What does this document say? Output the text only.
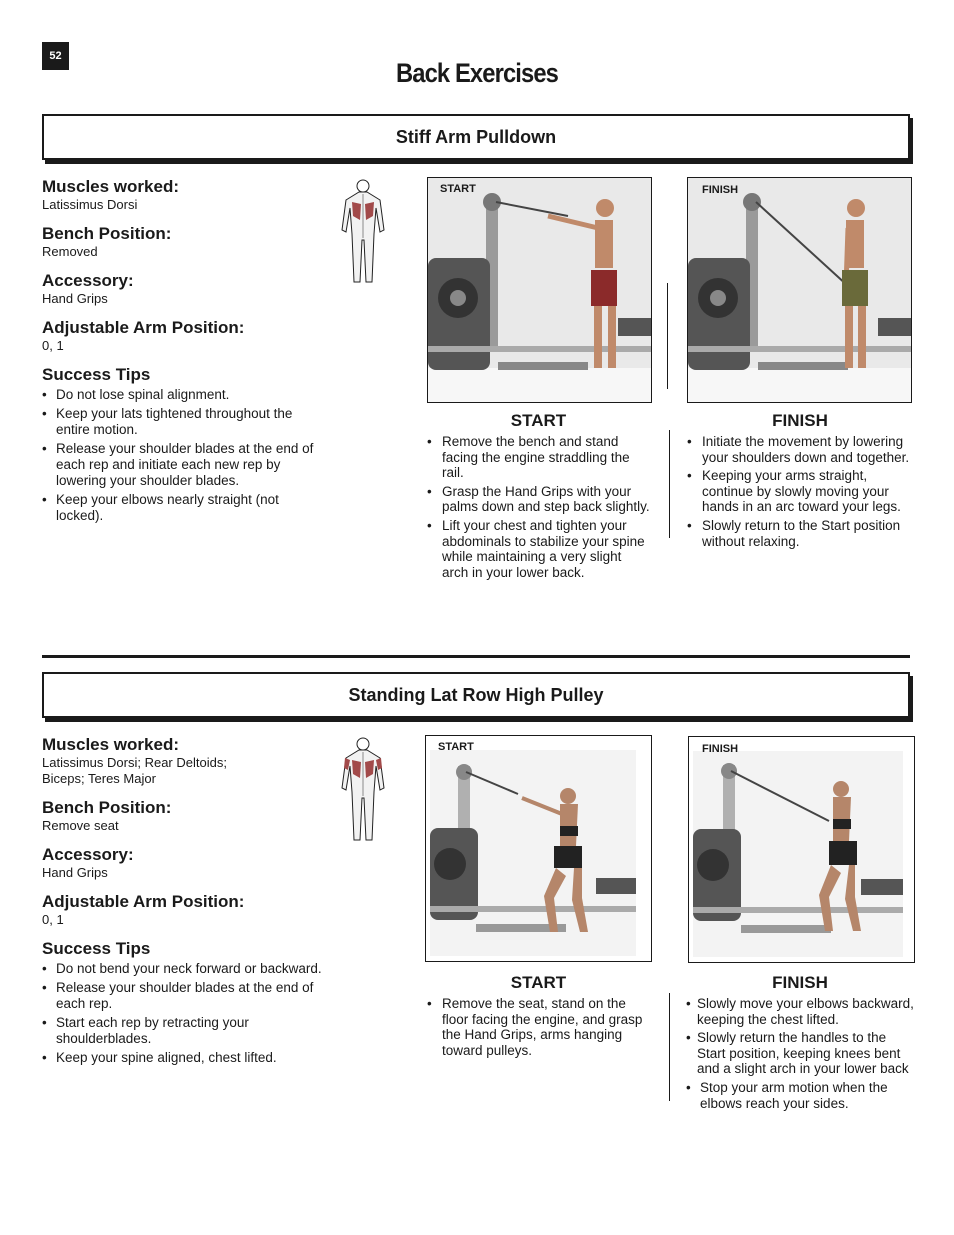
52
Back Exercises
Stiff Arm Pulldown

Muscles worked:

Latissimus Dorsi

Bench Position:

Removed

Accessory:

Hand Grips

Adjustable Arm Position:

0, 1

Success Tips

• Do not lose spinal alignment.
• Keep your lats tightened throughout the entire motion.
• Release your shoulder blades at the end of each rep and initiate each new rep by lowering your shoulder blades.
• Keep your elbows nearly straight (not locked).
START
START
• Remove the bench and stand facing the engine straddling the rail.
• Grasp the Hand Grips with your palms down and step back slightly.
• Lift your chest and tighten your abdominals to stabilize your spine while maintaining a very slight arch in your lower back.
FINISH
FINISH
• Initiate the movement by lowering your shoulders down and together.
• Keeping your arms straight, continue by slowly moving your hands in an arc toward your legs.
• Slowly return to the Start position without relaxing.
Standing Lat Row High Pulley

Muscles worked:

Latissimus Dorsi; Rear Deltoids;
Biceps; Teres Major

Bench Position:

Remove seat

Accessory:

Hand Grips

Adjustable Arm Position:

0, 1

Success Tips

• Do not bend your neck forward or backward.
• Release your shoulder blades at the end of each rep.
• Start each rep by retracting your shoulderblades.
• Keep your spine aligned, chest lifted.
START
START
• Remove the seat, stand on the floor facing the engine, and grasp the Hand Grips, arms hanging toward pulleys.
FINISH
FINISH
• Slowly move your elbows backward, keeping the chest lifted.
• Slowly return the handles to the Start position, keeping knees bent and a slight arch in your lower back
• Stop your arm motion when the elbows reach your sides.
